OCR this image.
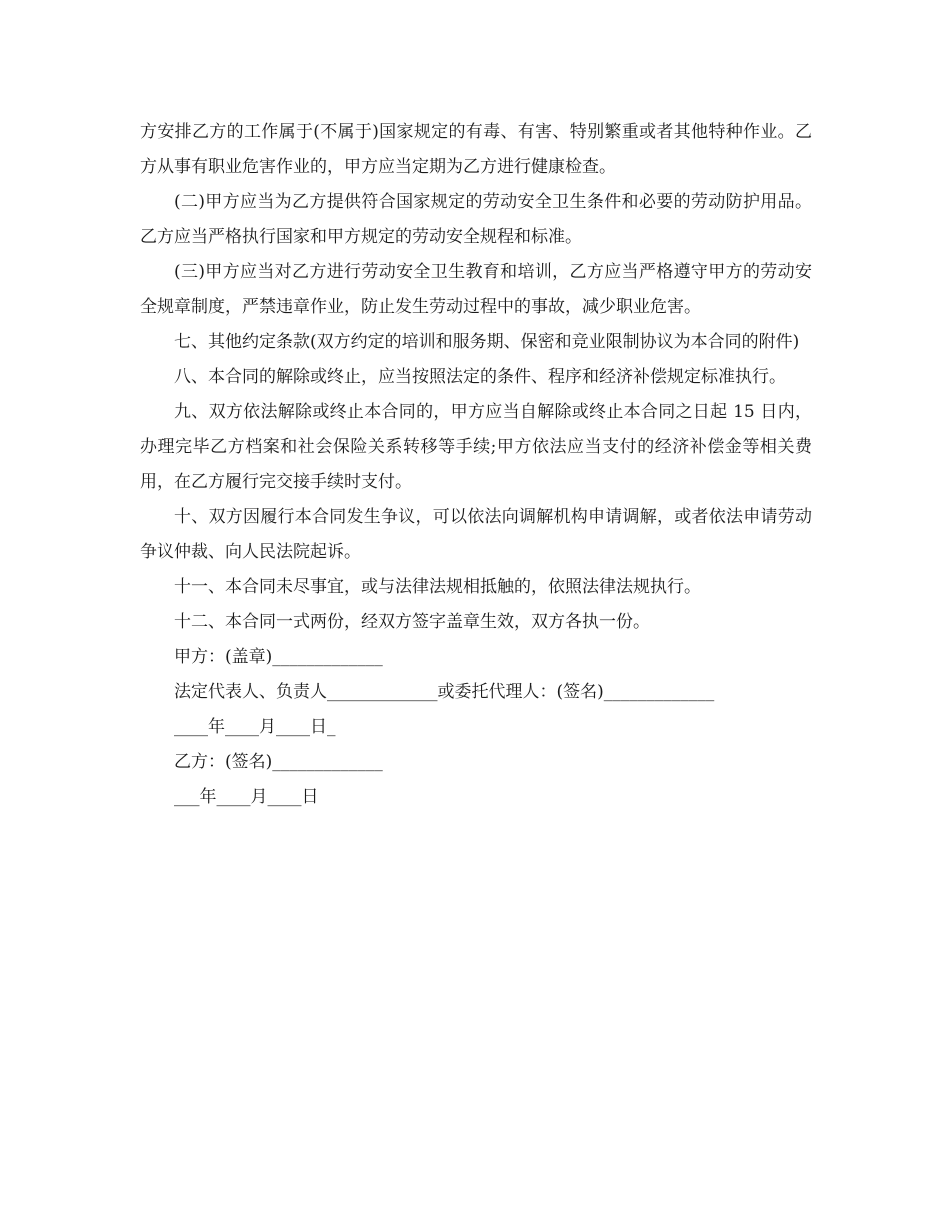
方安排乙方的工作属于(不属于)国家规定的有毒、有害、特别繁重或者其他特种作业。乙方从事有职业危害作业的，甲方应当定期为乙方进行健康检查。

(二)甲方应当为乙方提供符合国家规定的劳动安全卫生条件和必要的劳动防护用品。乙方应当严格执行国家和甲方规定的劳动安全规程和标准。

(三)甲方应当对乙方进行劳动安全卫生教育和培训，乙方应当严格遵守甲方的劳动安全规章制度，严禁违章作业，防止发生劳动过程中的事故，减少职业危害。

七、其他约定条款(双方约定的培训和服务期、保密和竞业限制协议为本合同的附件)

八、本合同的解除或终止，应当按照法定的条件、程序和经济补偿规定标准执行。

九、双方依法解除或终止本合同的，甲方应当自解除或终止本合同之日起 15 日内，办理完毕乙方档案和社会保险关系转移等手续;甲方依法应当支付的经济补偿金等相关费用，在乙方履行完交接手续时支付。

十、双方因履行本合同发生争议，可以依法向调解机构申请调解，或者依法申请劳动争议仲裁、向人民法院起诉。

十一、本合同未尽事宜，或与法律法规相抵触的，依照法律法规执行。

十二、本合同一式两份，经双方签字盖章生效，双方各执一份。

甲方：(盖章)_____________

法定代表人、负责人_____________或委托代理人：(签名)_____________

____年____月____日_

乙方：(签名)_____________

___年____月____日
